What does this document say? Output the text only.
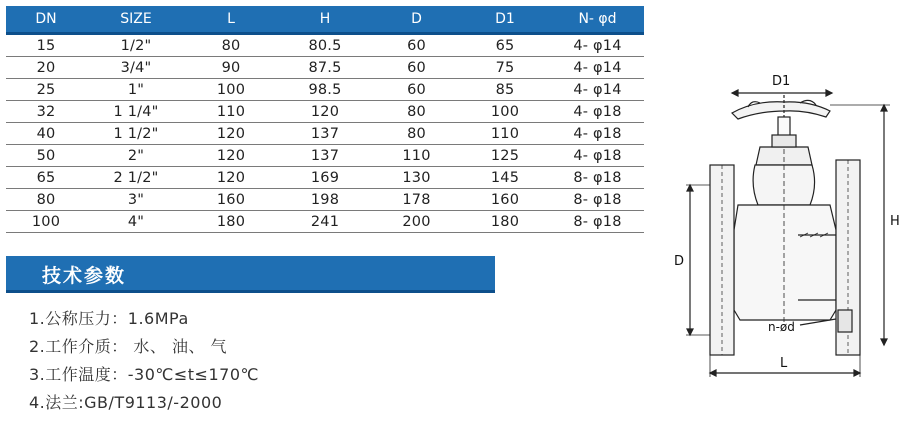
DN	SIZE	L	H	D	D1	N- φd
15	1/2"	80	80.5	60	65	4- φ14
20	3/4"	90	87.5	60	75	4- φ14
25	1"	100	98.5	60	85	4- φ14
32	1 1/4"	110	120	80	100	4- φ18
40	1 1/2"	120	137	80	110	4- φ18
50	2"	120	137	110	125	4- φ18
65	2 1/2"	120	169	130	145	8- φ18
80	3"	160	198	178	160	8- φ18
100	4"	180	241	200	180	8- φ18
技术参数
1.公称压力：1.6MPa
2.工作介质： 水、 油、 气
3.工作温度：-30℃≤t≤170℃
4.法兰:GB/T9113/-2000
D1
H
D
n-ød
L
